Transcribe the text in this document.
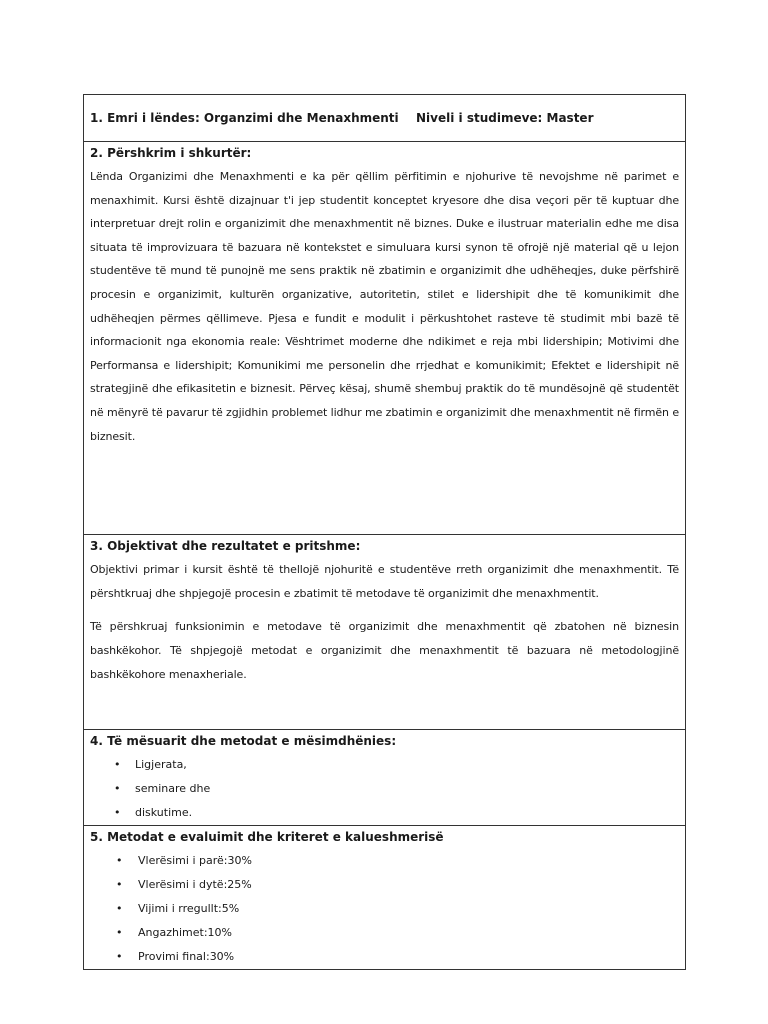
1. Emri i lëndes: Organzimi dhe Menaxhmenti	Niveli i studimeve: Master

2. Përshkrim i shkurtër:

Lënda Organizimi dhe Menaxhmenti e ka për qëllim përfitimin e njohurive të nevojshme në parimet e menaxhimit. Kursi është dizajnuar t'i jep studentit konceptet kryesore dhe disa veçori për të kuptuar dhe interpretuar drejt rolin e organizimit dhe menaxhmentit në biznes. Duke e ilustruar materialin edhe me disa situata të improvizuara të bazuara në kontekstet e simuluara kursi synon të ofrojë një material që u lejon studentëve të mund të punojnë me sens praktik në zbatimin e organizimit dhe udhëheqjes, duke përfshirë procesin e organizimit, kulturën organizative, autoritetin, stilet e lidershipit dhe të komunikimit dhe udhëheqjen përmes qëllimeve. Pjesa e fundit e modulit i përkushtohet rasteve të studimit mbi bazë të informacionit nga ekonomia reale: Vështrimet moderne dhe ndikimet e reja mbi lidershipin; Motivimi dhe Performansa e lidershipit; Komunikimi me personelin dhe rrjedhat e komunikimit; Efektet e lidershipit në strategjinë dhe efikasitetin e biznesit. Përveç kësaj, shumë shembuj praktik do të mundësojnë që studentët në mënyrë të pavarur të zgjidhin problemet lidhur me zbatimin e organizimit dhe menaxhmentit në firmën e biznesit.

3. Objektivat dhe rezultatet e pritshme:

Objektivi primar i kursit është të thellojë njohuritë e studentëve rreth organizimit dhe menaxhmentit. Të përshtkruaj dhe shpjegojë procesin e zbatimit të metodave të organizimit dhe menaxhmentit.

Të përshkruaj funksionimin e metodave të organizimit dhe menaxhmentit që zbatohen në biznesin bashkëkohor. Të shpjegojë metodat e organizimit dhe menaxhmentit të bazuara në metodologjinë bashkëkohore menaxheriale.

4. Të mësuarit dhe metodat e mësimdhënies:
• Ligjerata,
• seminare dhe
• diskutime.

5. Metodat e evaluimit dhe kriteret e kalueshmerisë
• Vlerësimi i parë:30%
• Vlerësimi i dytë:25%
• Vijimi i rregullt:5%
• Angazhimet:10%
• Provimi final:30%
